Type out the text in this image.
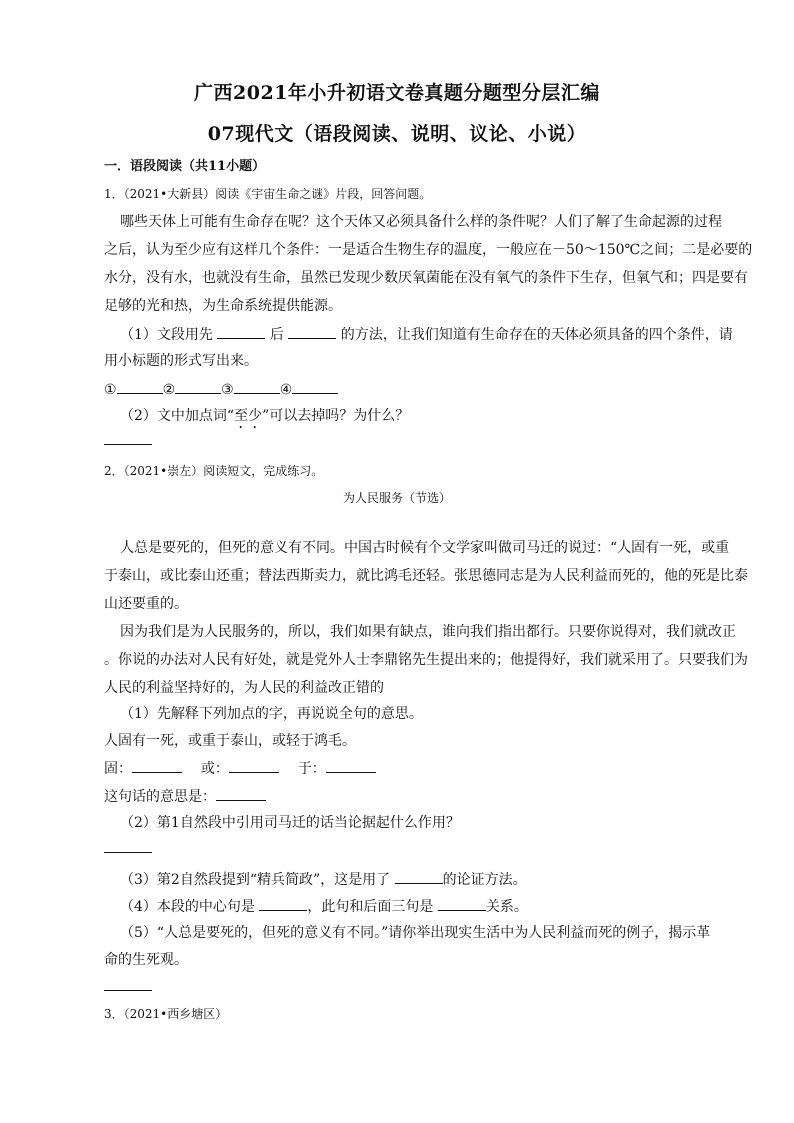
广西2021年小升初语文卷真题分题型分层汇编
07现代文（语段阅读、说明、议论、小说）
一．语段阅读（共11小题）
1．（2021•大新县）阅读《宇宙生命之谜》片段，回答问题。
哪些天体上可能有生命存在呢？这个天体又必须具备什么样的条件呢？人们了解了生命起源的过程
之后，认为至少应有这样几个条件：一是适合生物生存的温度，一般应在－50～150℃之间；二是必要的
水分，没有水，也就没有生命，虽然已发现少数厌氧菌能在没有氧气的条件下生存，但氧气和；四是要有
足够的光和热，为生命系统提供能源。
（1）文段用先	后	的方法，让我们知道有生命存在的天体必须具备的四个条件，请
用小标题的形式写出来。
①	②	③	④
（2）文中加点词“至少”可以去掉吗？为什么？
2．（2021•崇左）阅读短文，完成练习。
为人民服务（节选）
人总是要死的，但死的意义有不同。中国古时候有个文学家叫做司马迁的说过：“人固有一死，或重
于泰山，或比泰山还重；替法西斯卖力，就比鸿毛还轻。张思德同志是为人民利益而死的，他的死是比泰
山还要重的。
因为我们是为人民服务的，所以，我们如果有缺点，谁向我们指出都行。只要你说得对，我们就改正
。你说的办法对人民有好处，就是党外人士李鼎铭先生提出来的；他提得好，我们就采用了。只要我们为
人民的利益坚持好的，为人民的利益改正错的
（1）先解释下列加点的字，再说说全句的意思。
人固有一死，或重于泰山，或轻于鸿毛。
固：	或：	于：
这句话的意思是：
（2）第1自然段中引用司马迁的话当论据起什么作用？
（3）第2自然段提到“精兵简政”，这是用了	的论证方法。
（4）本段的中心句是	，此句和后面三句是	关系。
（5）“人总是要死的，但死的意义有不同。”请你举出现实生活中为人民利益而死的例子，揭示革
命的生死观。
3．（2021•西乡塘区）
